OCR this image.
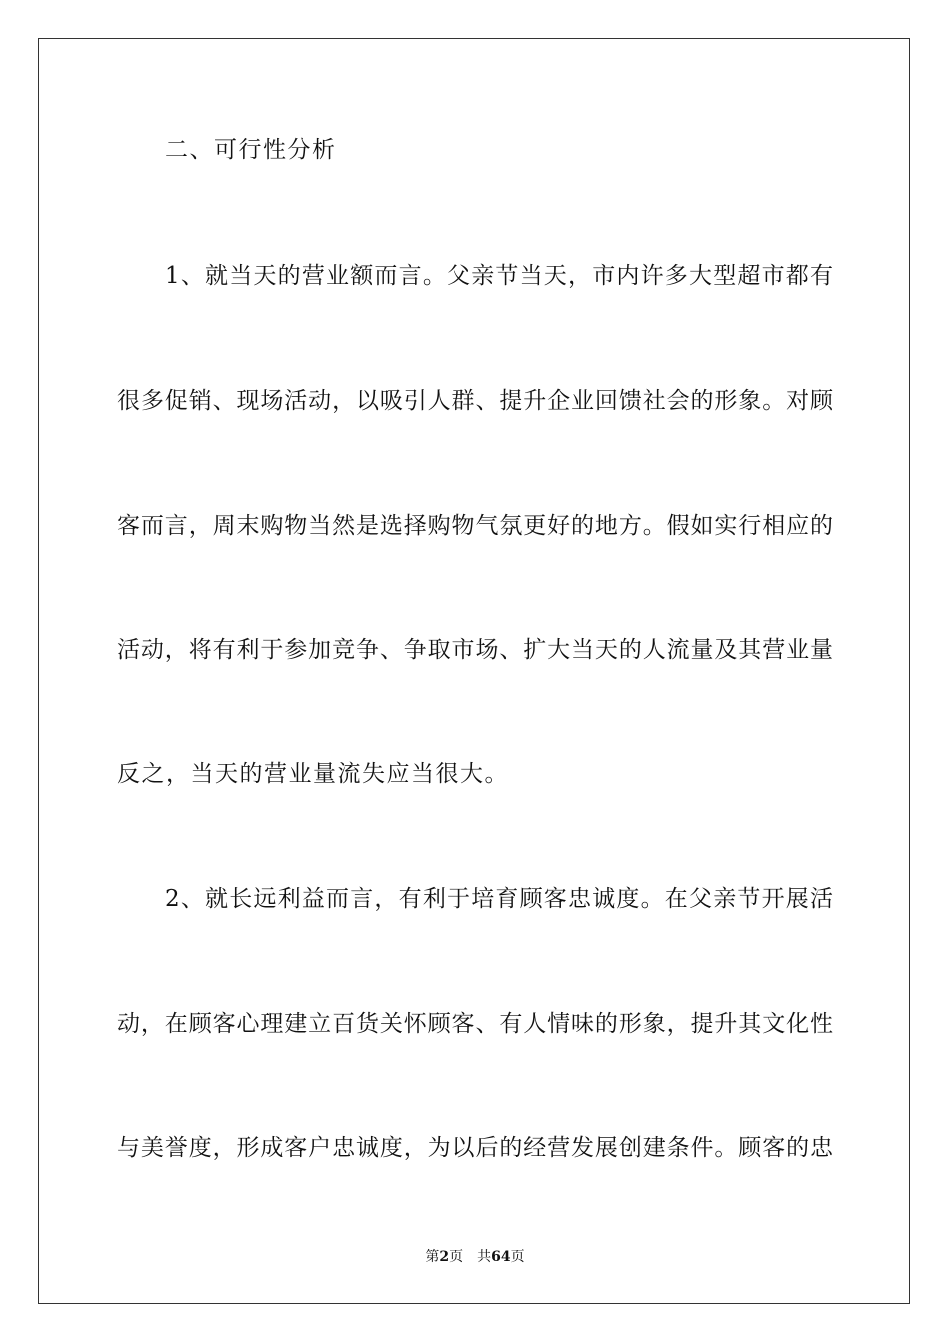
二、可行性分析
1、就当天的营业额而言。父亲节当天，市内许多大型超市都有
很多促销、现场活动，以吸引人群、提升企业回馈社会的形象。对顾
客而言，周末购物当然是选择购物气氛更好的地方。假如实行相应的
活动，将有利于参加竞争、争取市场、扩大当天的人流量及其营业量
反之，当天的营业量流失应当很大。
2、就长远利益而言，有利于培育顾客忠诚度。在父亲节开展活
动，在顾客心理建立百货关怀顾客、有人情味的形象，提升其文化性
与美誉度，形成客户忠诚度，为以后的经营发展创建条件。顾客的忠
第2页 共64页
